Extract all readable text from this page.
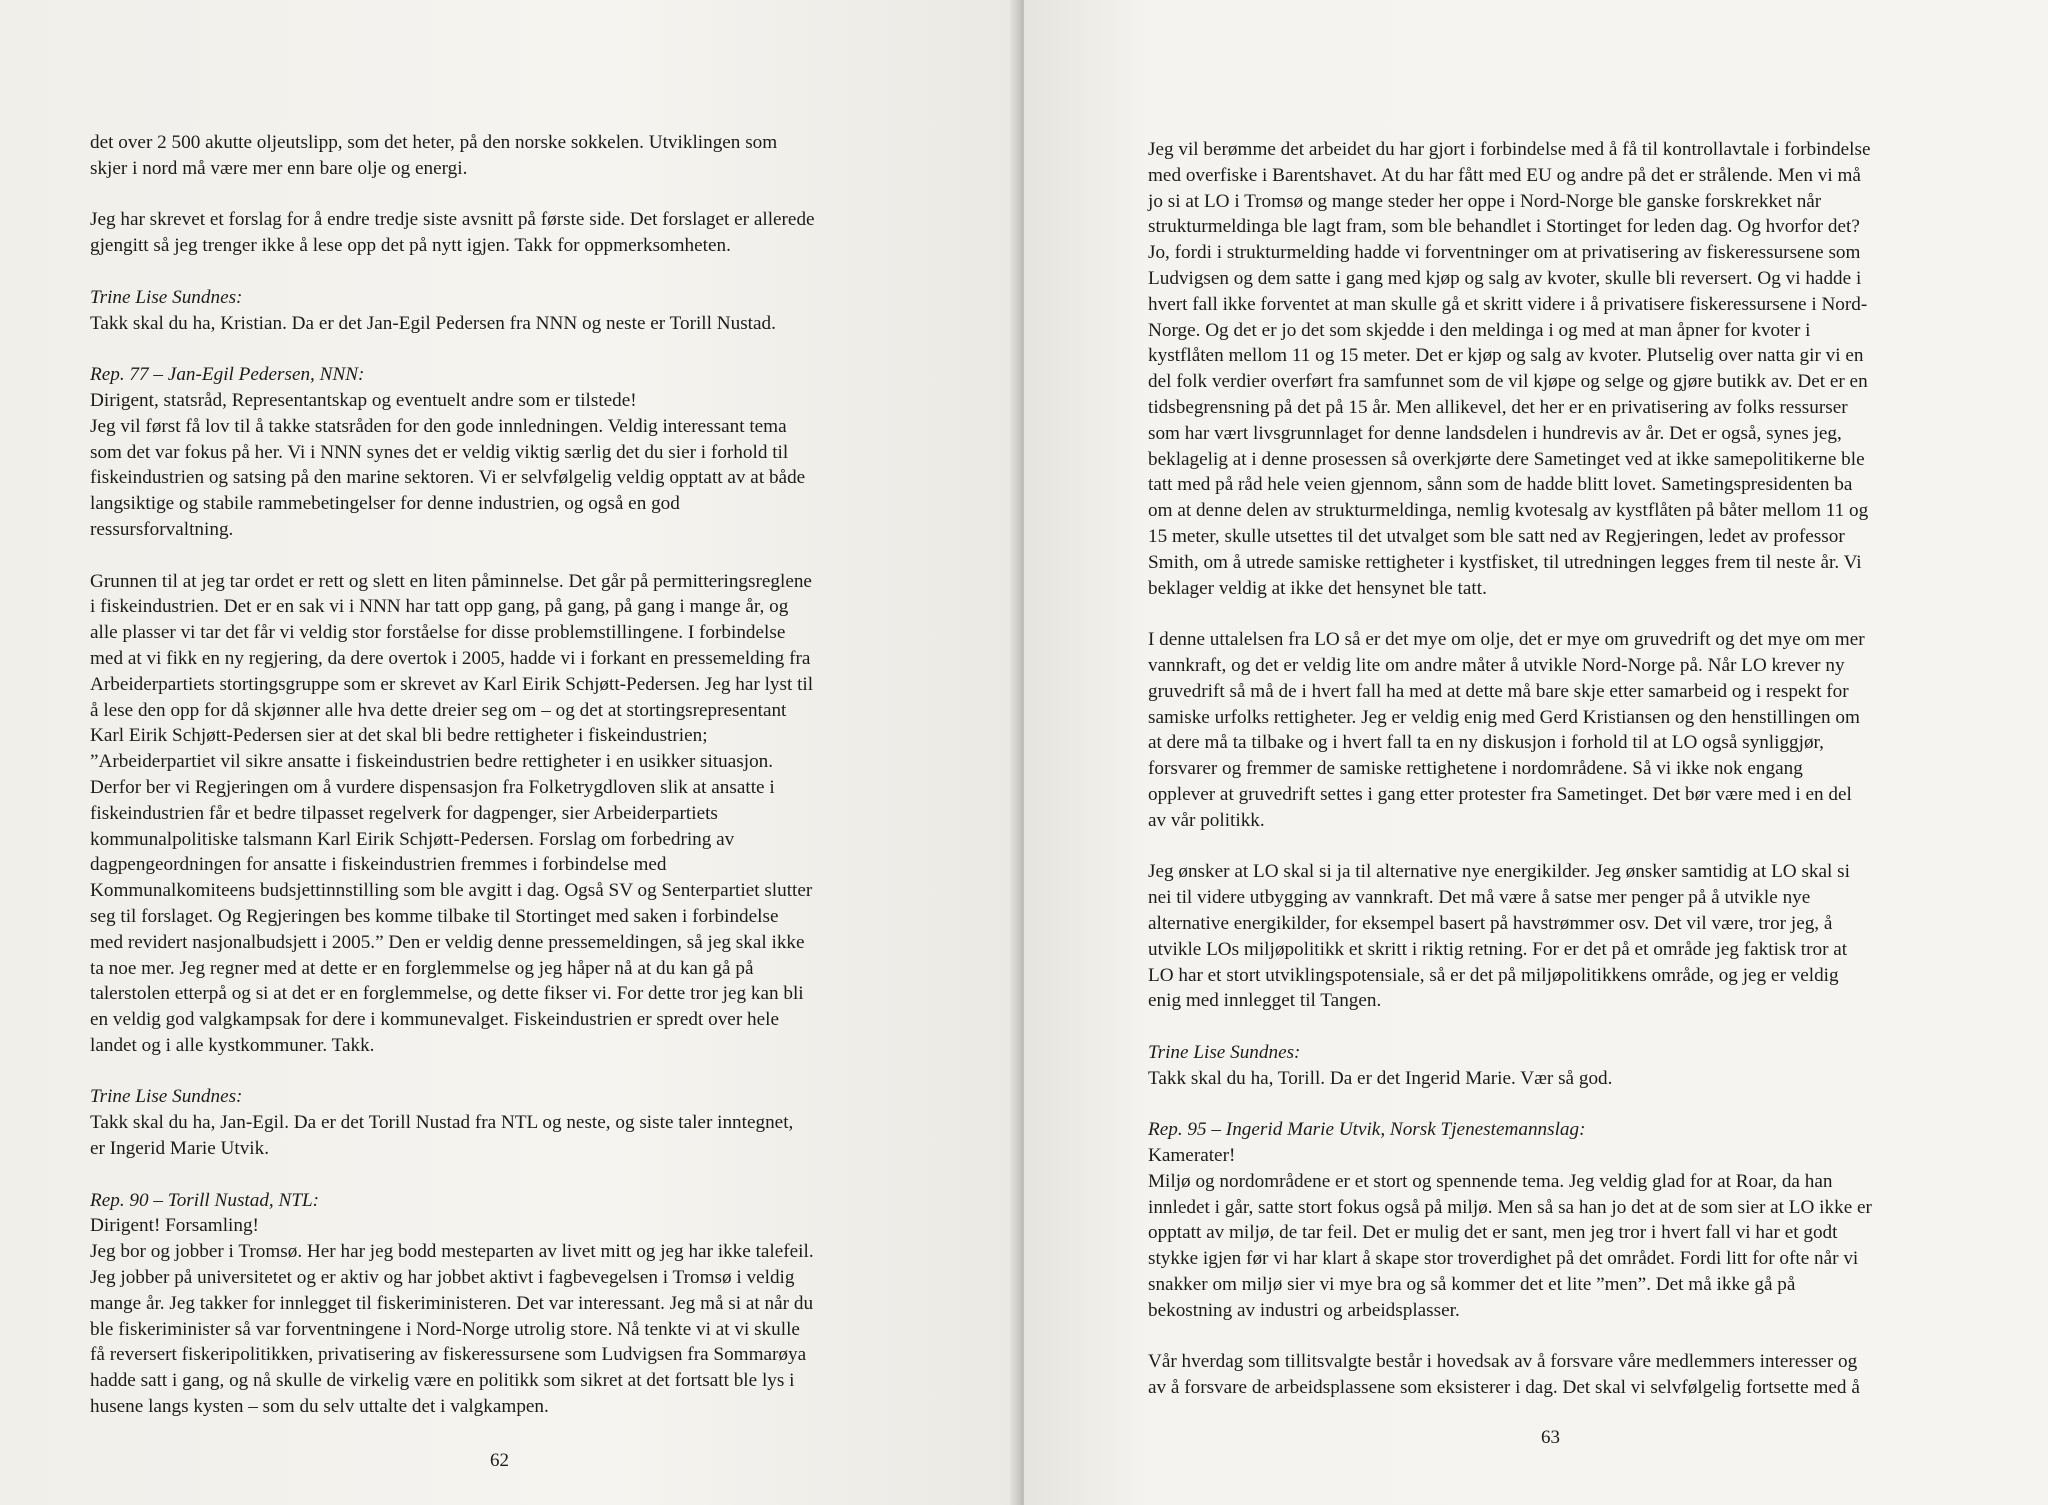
det over 2 500 akutte oljeutslipp, som det heter, på den norske sokkelen. Utviklingen som
skjer i nord må være mer enn bare olje og energi.
Jeg har skrevet et forslag for å endre tredje siste avsnitt på første side. Det forslaget er allerede
gjengitt så jeg trenger ikke å lese opp det på nytt igjen. Takk for oppmerksomheten.
Trine Lise Sundnes:
Takk skal du ha, Kristian. Da er det Jan-Egil Pedersen fra NNN og neste er Torill Nustad.
Rep. 77 – Jan-Egil Pedersen, NNN:
Dirigent, statsråd, Representantskap og eventuelt andre som er tilstede!
Jeg vil først få lov til å takke statsråden for den gode innledningen. Veldig interessant tema
som det var fokus på her. Vi i NNN synes det er veldig viktig særlig det du sier i forhold til
fiskeindustrien og satsing på den marine sektoren. Vi er selvfølgelig veldig opptatt av at både
langsiktige og stabile rammebetingelser for denne industrien, og også en god
ressursforvaltning.
Grunnen til at jeg tar ordet er rett og slett en liten påminnelse. Det går på permitteringsreglene
i fiskeindustrien. Det er en sak vi i NNN har tatt opp gang, på gang, på gang i mange år, og
alle plasser vi tar det får vi veldig stor forståelse for disse problemstillingene. I forbindelse
med at vi fikk en ny regjering, da dere overtok i 2005, hadde vi i forkant en pressemelding fra
Arbeiderpartiets stortingsgruppe som er skrevet av Karl Eirik Schjøtt-Pedersen. Jeg har lyst til
å lese den opp for då skjønner alle hva dette dreier seg om – og det at stortingsrepresentant
Karl Eirik Schjøtt-Pedersen sier at det skal bli bedre rettigheter i fiskeindustrien;
”Arbeiderpartiet vil sikre ansatte i fiskeindustrien bedre rettigheter i en usikker situasjon.
Derfor ber vi Regjeringen om å vurdere dispensasjon fra Folketrygdloven slik at ansatte i
fiskeindustrien får et bedre tilpasset regelverk for dagpenger, sier Arbeiderpartiets
kommunalpolitiske talsmann Karl Eirik Schjøtt-Pedersen. Forslag om forbedring av
dagpengeordningen for ansatte i fiskeindustrien fremmes i forbindelse med
Kommunalkomiteens budsjettinnstilling som ble avgitt i dag. Også SV og Senterpartiet slutter
seg til forslaget. Og Regjeringen bes komme tilbake til Stortinget med saken i forbindelse
med revidert nasjonalbudsjett i 2005.” Den er veldig denne pressemeldingen, så jeg skal ikke
ta noe mer. Jeg regner med at dette er en forglemmelse og jeg håper nå at du kan gå på
talerstolen etterpå og si at det er en forglemmelse, og dette fikser vi. For dette tror jeg kan bli
en veldig god valgkampsak for dere i kommunevalget. Fiskeindustrien er spredt over hele
landet og i alle kystkommuner. Takk.
Trine Lise Sundnes:
Takk skal du ha, Jan-Egil. Da er det Torill Nustad fra NTL og neste, og siste taler inntegnet,
er Ingerid Marie Utvik.
Rep. 90 – Torill Nustad, NTL:
Dirigent! Forsamling!
Jeg bor og jobber i Tromsø. Her har jeg bodd mesteparten av livet mitt og jeg har ikke talefeil.
Jeg jobber på universitetet og er aktiv og har jobbet aktivt i fagbevegelsen i Tromsø i veldig
mange år. Jeg takker for innlegget til fiskeriministeren. Det var interessant. Jeg må si at når du
ble fiskeriminister så var forventningene i Nord-Norge utrolig store. Nå tenkte vi at vi skulle
få reversert fiskeripolitikken, privatisering av fiskeressursene som Ludvigsen fra Sommarøya
hadde satt i gang, og nå skulle de virkelig være en politikk som sikret at det fortsatt ble lys i
husene langs kysten – som du selv uttalte det i valgkampen.
62
Jeg vil berømme det arbeidet du har gjort i forbindelse med å få til kontrollavtale i forbindelse
med overfiske i Barentshavet. At du har fått med EU og andre på det er strålende. Men vi må
jo si at LO i Tromsø og mange steder her oppe i Nord-Norge ble ganske forskrekket når
strukturmeldinga ble lagt fram, som ble behandlet i Stortinget for leden dag. Og hvorfor det?
Jo, fordi i strukturmelding hadde vi forventninger om at privatisering av fiskeressursene som
Ludvigsen og dem satte i gang med kjøp og salg av kvoter, skulle bli reversert. Og vi hadde i
hvert fall ikke forventet at man skulle gå et skritt videre i å privatisere fiskeressursene i Nord-
Norge. Og det er jo det som skjedde i den meldinga i og med at man åpner for kvoter i
kystflåten mellom 11 og 15 meter. Det er kjøp og salg av kvoter. Plutselig over natta gir vi en
del folk verdier overført fra samfunnet som de vil kjøpe og selge og gjøre butikk av. Det er en
tidsbegrensning på det på 15 år. Men allikevel, det her er en privatisering av folks ressurser
som har vært livsgrunnlaget for denne landsdelen i hundrevis av år. Det er også, synes jeg,
beklagelig at i denne prosessen så overkjørte dere Sametinget ved at ikke samepolitikerne ble
tatt med på råd hele veien gjennom, sånn som de hadde blitt lovet. Sametingspresidenten ba
om at denne delen av strukturmeldinga, nemlig kvotesalg av kystflåten på båter mellom 11 og
15 meter, skulle utsettes til det utvalget som ble satt ned av Regjeringen, ledet av professor
Smith, om å utrede samiske rettigheter i kystfisket, til utredningen legges frem til neste år. Vi
beklager veldig at ikke det hensynet ble tatt.
I denne uttalelsen fra LO så er det mye om olje, det er mye om gruvedrift og det mye om mer
vannkraft, og det er veldig lite om andre måter å utvikle Nord-Norge på. Når LO krever ny
gruvedrift så må de i hvert fall ha med at dette må bare skje etter samarbeid og i respekt for
samiske urfolks rettigheter. Jeg er veldig enig med Gerd Kristiansen og den henstillingen om
at dere må ta tilbake og i hvert fall ta en ny diskusjon i forhold til at LO også synliggjør,
forsvarer og fremmer de samiske rettighetene i nordområdene. Så vi ikke nok engang
opplever at gruvedrift settes i gang etter protester fra Sametinget. Det bør være med i en del
av vår politikk.
Jeg ønsker at LO skal si ja til alternative nye energikilder. Jeg ønsker samtidig at LO skal si
nei til videre utbygging av vannkraft. Det må være å satse mer penger på å utvikle nye
alternative energikilder, for eksempel basert på havstrømmer osv. Det vil være, tror jeg, å
utvikle LOs miljøpolitikk et skritt i riktig retning. For er det på et område jeg faktisk tror at
LO har et stort utviklingspotensiale, så er det på miljøpolitikkens område, og jeg er veldig
enig med innlegget til Tangen.
Trine Lise Sundnes:
Takk skal du ha, Torill. Da er det Ingerid Marie. Vær så god.
Rep. 95 – Ingerid Marie Utvik, Norsk Tjenestemannslag:
Kamerater!
Miljø og nordområdene er et stort og spennende tema. Jeg veldig glad for at Roar, da han
innledet i går, satte stort fokus også på miljø. Men så sa han jo det at de som sier at LO ikke er
opptatt av miljø, de tar feil. Det er mulig det er sant, men jeg tror i hvert fall vi har et godt
stykke igjen før vi har klart å skape stor troverdighet på det området. Fordi litt for ofte når vi
snakker om miljø sier vi mye bra og så kommer det et lite ”men”. Det må ikke gå på
bekostning av industri og arbeidsplasser.
Vår hverdag som tillitsvalgte består i hovedsak av å forsvare våre medlemmers interesser og
av å forsvare de arbeidsplassene som eksisterer i dag. Det skal vi selvfølgelig fortsette med å
63
